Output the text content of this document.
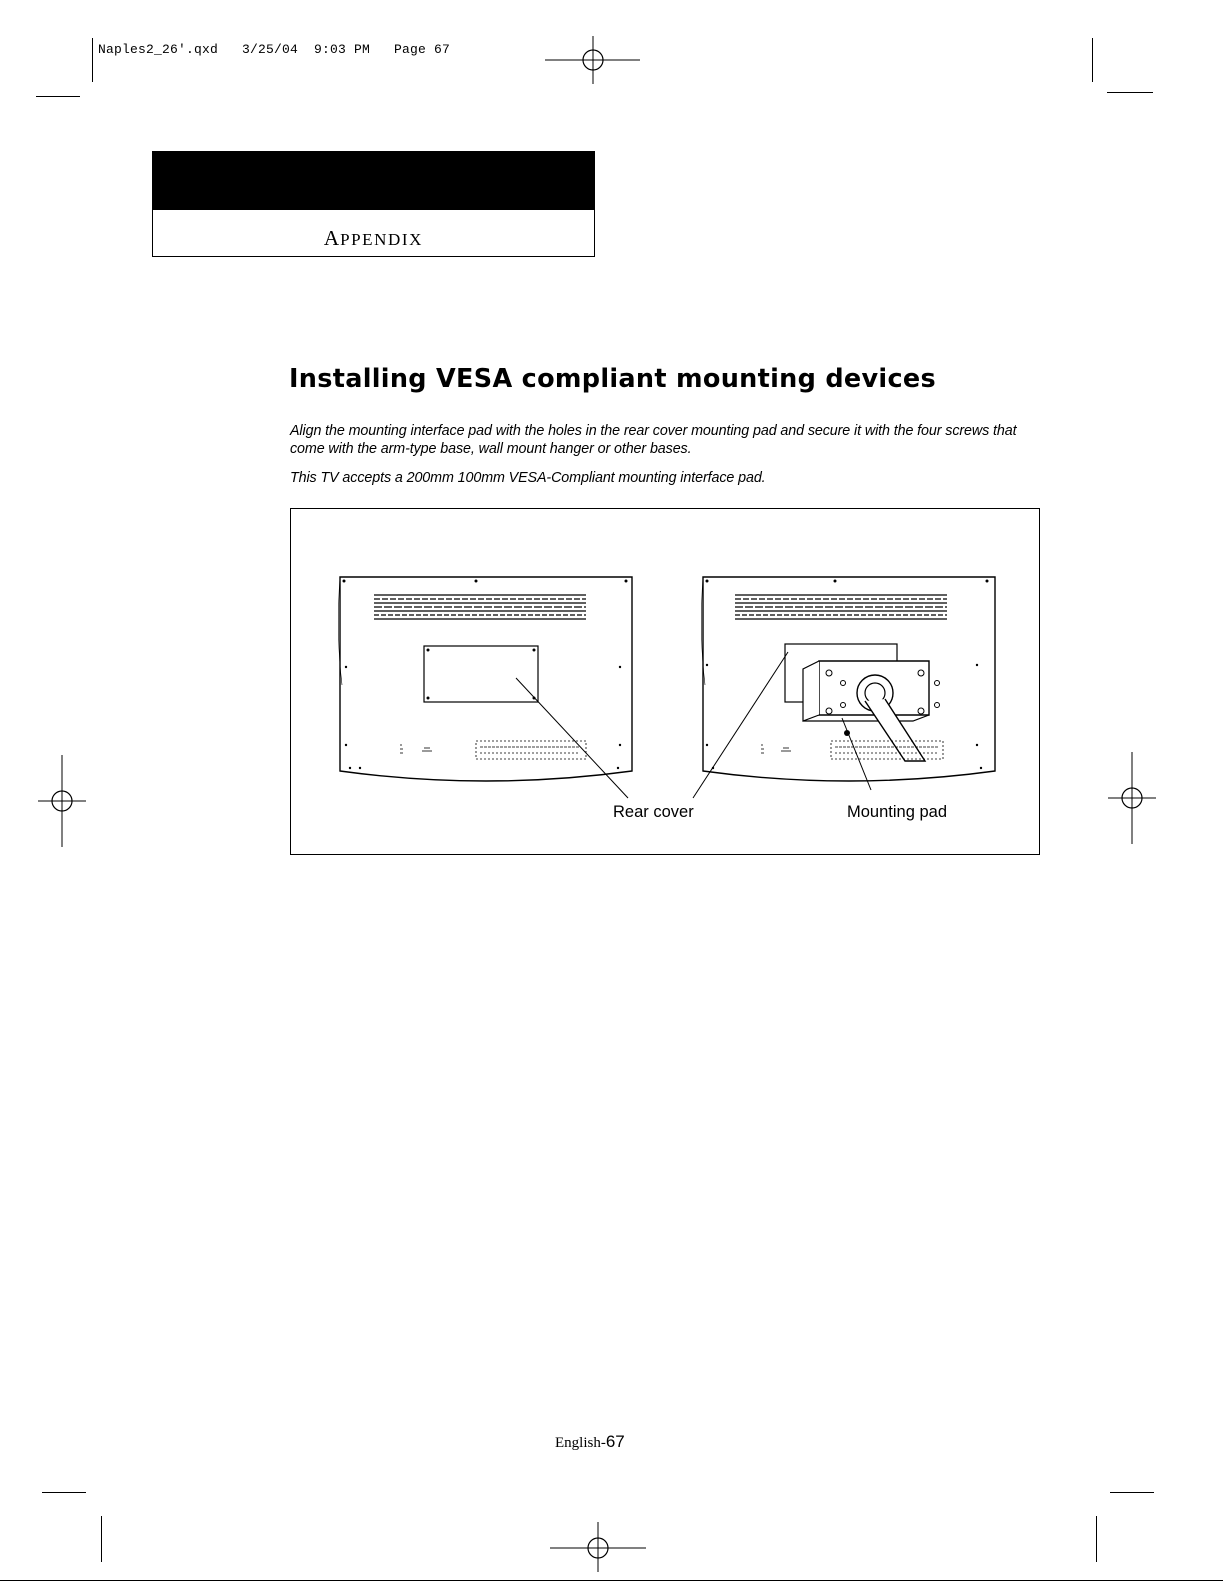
Naples2_26'.qxd   3/25/04  9:03 PM   Page 67
APPENDIX
Installing VESA compliant mounting devices
Align the mounting interface pad with the holes in the rear cover mounting pad and secure it with the four screws that come with the arm-type base, wall mount hanger or other bases.
This TV accepts a 200mm 100mm VESA-Compliant mounting interface pad.
Rear cover	Mounting pad
English-67
